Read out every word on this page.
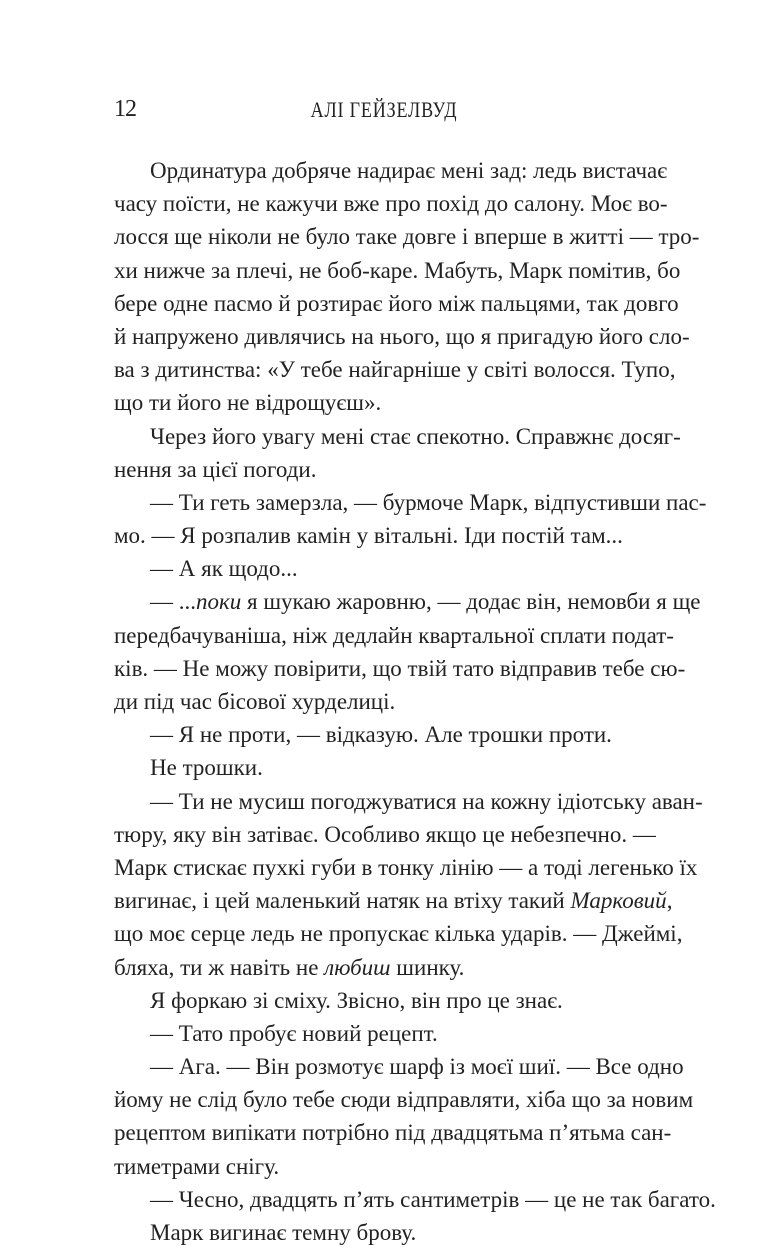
12	АЛІ ГЕЙЗЕЛВУД
Ординатура добряче надирає мені зад: ледь вистачає
часу поїсти, не кажучи вже про похід до салону. Моє во-
лосся ще ніколи не було таке довге і вперше в житті — тро-
хи нижче за плечі, не боб-каре. Мабуть, Марк помітив, бо
бере одне пасмо й розтирає його між пальцями, так довго
й напружено дивлячись на нього, що я пригадую його сло-
ва з дитинства: «У тебе найгарніше у світі волосся. Тупо,
що ти його не відрощуєш».
Через його увагу мені стає спекотно. Справжнє досяг-
нення за цієї погоди.
— Ти геть замерзла, — бурмоче Марк, відпустивши пас-
мо. — Я розпалив камін у вітальні. Іди постій там...
— А як щодо...
— ...поки я шукаю жаровню, — додає він, немовби я ще
передбачуваніша, ніж дедлайн квартальної сплати подат-
ків. — Не можу повірити, що твій тато відправив тебе сю-
ди під час бісової хурделиці.
— Я не проти, — відказую. Але трошки проти.
Не трошки.
— Ти не мусиш погоджуватися на кожну ідіотську аван-
тюру, яку він затіває. Особливо якщо це небезпечно. —
Марк стискає пухкі губи в тонку лінію — а тоді легенько їх
вигинає, і цей маленький натяк на втіху такий Марковий,
що моє серце ледь не пропускає кілька ударів. — Джеймі,
бляха, ти ж навіть не любиш шинку.
Я форкаю зі сміху. Звісно, він про це знає.
— Тато пробує новий рецепт.
— Ага. — Він розмотує шарф із моєї шиї. — Все одно
йому не слід було тебе сюди відправляти, хіба що за новим
рецептом випікати потрібно під двадцятьма п’ятьма сан-
тиметрами снігу.
— Чесно, двадцять п’ять сантиметрів — це не так багато.
Марк вигинає темну брову.
